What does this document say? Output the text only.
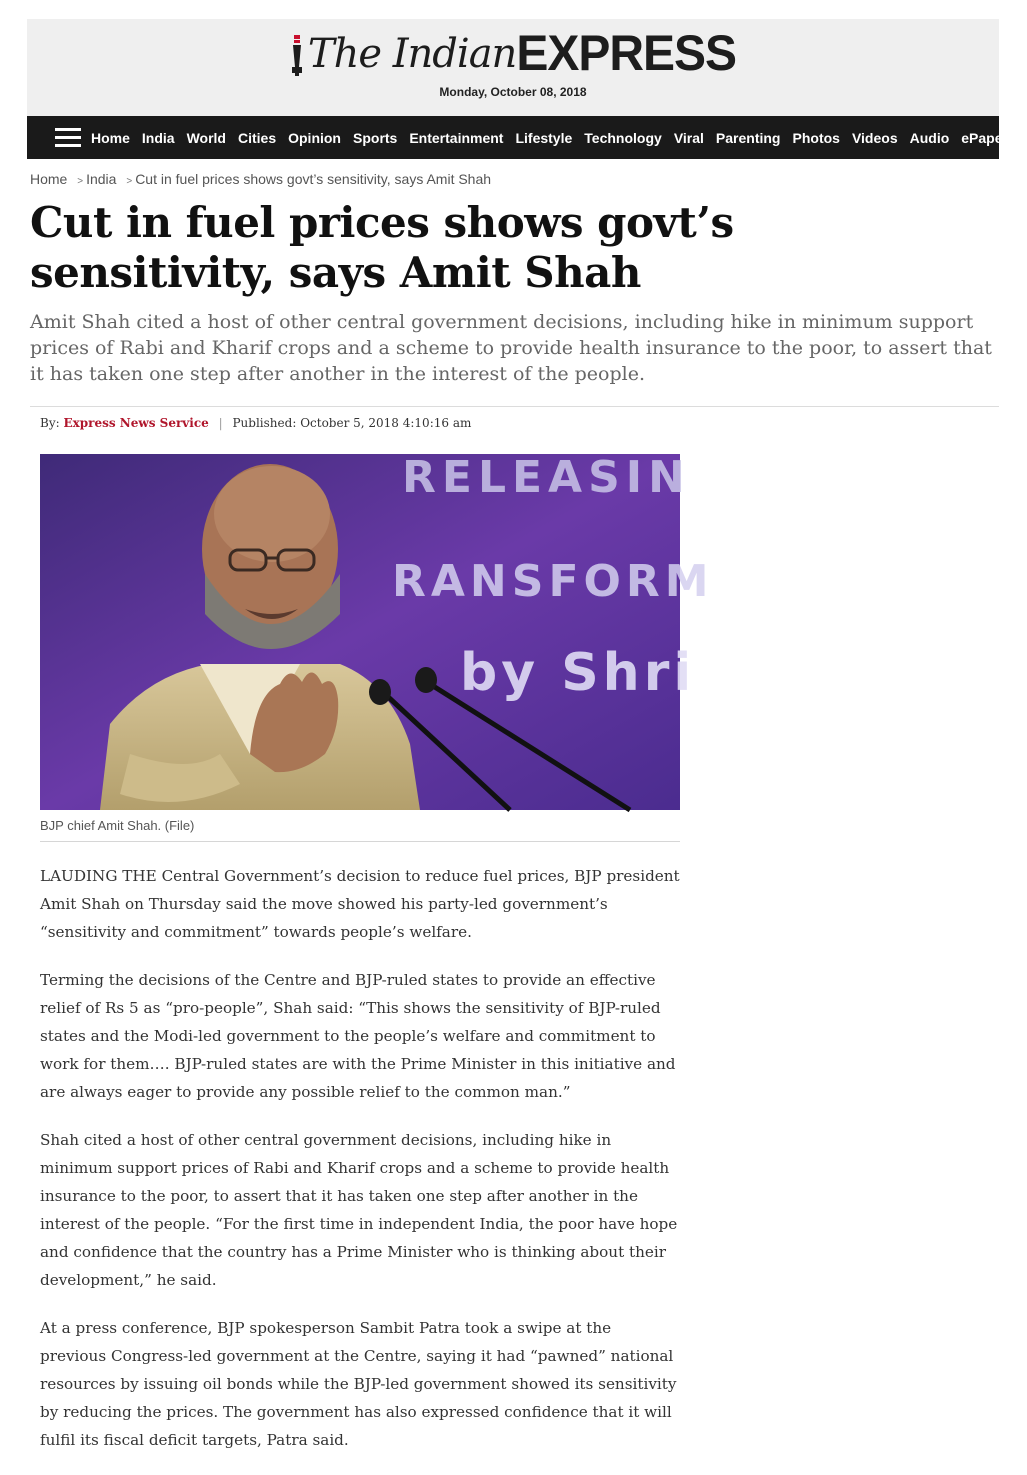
The IndianEXPRESS
Monday, October 08, 2018
Home India World Cities Opinion Sports Entertainment Lifestyle Technology Viral Parenting Photos Videos Audio ePaper
Home > India > Cut in fuel prices shows govt’s sensitivity, says Amit Shah
Cut in fuel prices shows govt’s sensitivity, says Amit Shah
Amit Shah cited a host of other central government decisions, including hike in minimum support prices of Rabi and Kharif crops and a scheme to provide health insurance to the poor, to assert that it has taken one step after another in the interest of the people.
By: Express News Service | Published: October 5, 2018 4:10:16 am
RELEASIN
RANSFORM
by Shri
BJP chief Amit Shah. (File)

LAUDING THE Central Government’s decision to reduce fuel prices, BJP president Amit Shah on Thursday said the move showed his party-led government’s “sensitivity and commitment” towards people’s welfare.

Terming the decisions of the Centre and BJP-ruled states to provide an effective relief of Rs 5 as “pro-people”, Shah said: “This shows the sensitivity of BJP-ruled states and the Modi-led government to the people’s welfare and commitment to work for them…. BJP-ruled states are with the Prime Minister in this initiative and are always eager to provide any possible relief to the common man.”

Shah cited a host of other central government decisions, including hike in minimum support prices of Rabi and Kharif crops and a scheme to provide health insurance to the poor, to assert that it has taken one step after another in the interest of the people. “For the first time in independent India, the poor have hope and confidence that the country has a Prime Minister who is thinking about their development,” he said.

At a press conference, BJP spokesperson Sambit Patra took a swipe at the previous Congress-led government at the Centre, saying it had “pawned” national resources by issuing oil bonds while the BJP-led government showed its sensitivity by reducing the prices. The government has also expressed confidence that it will fulfil its fiscal deficit targets, Patra said.
